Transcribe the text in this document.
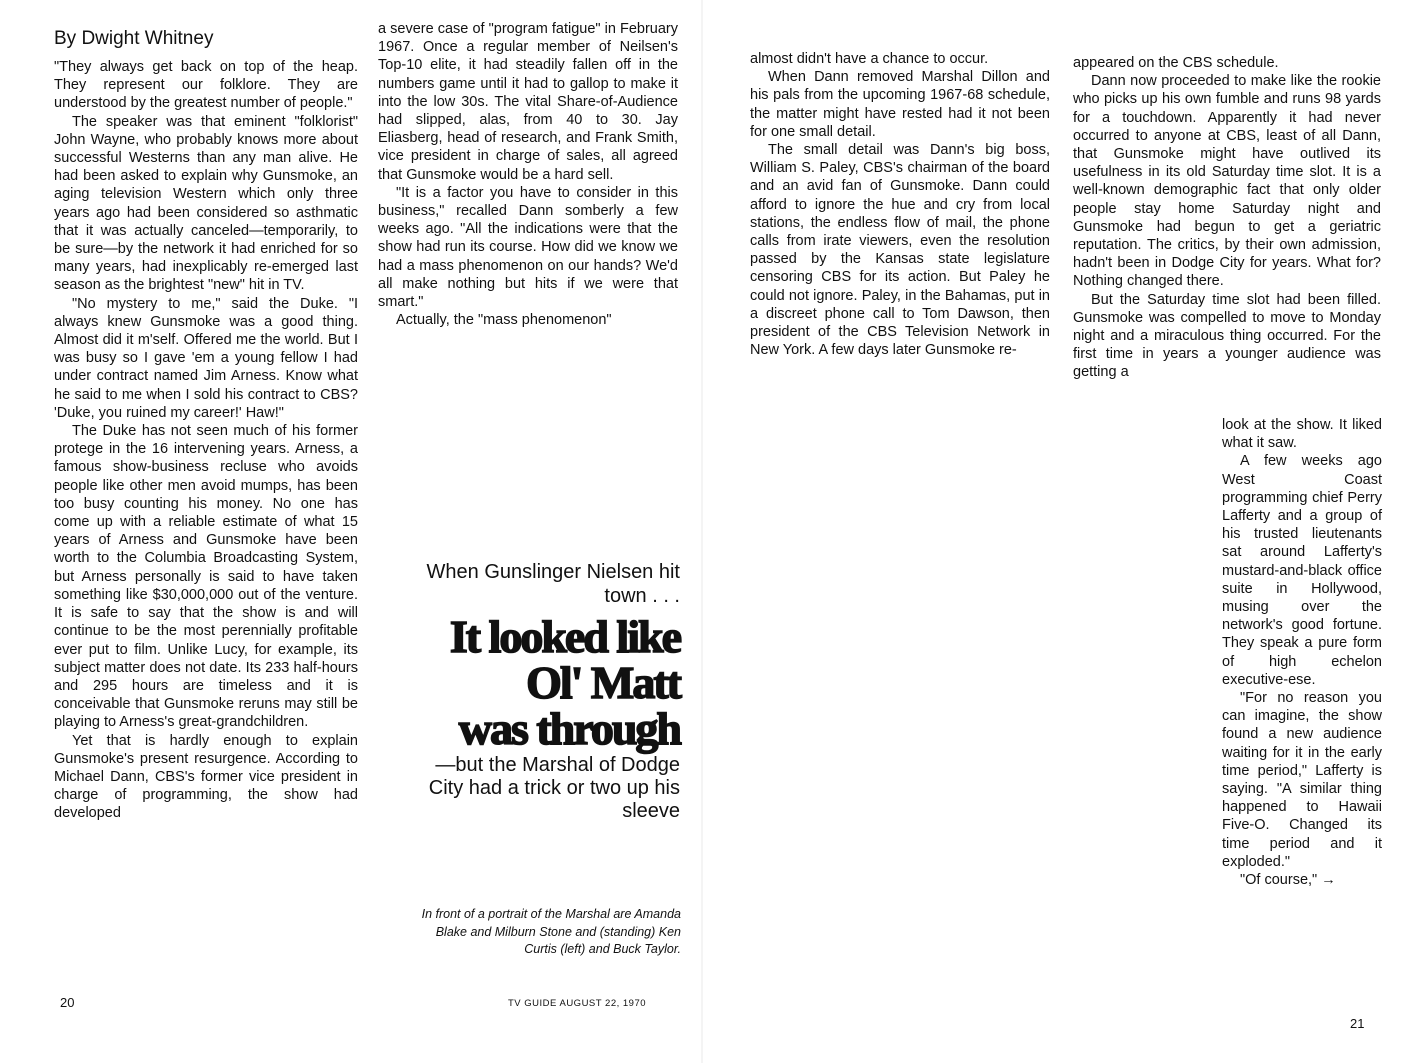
By Dwight Whitney

"They always get back on top of the heap. They represent our folklore. They are understood by the greatest number of people."

The speaker was that eminent "folklorist" John Wayne, who probably knows more about successful Westerns than any man alive. He had been asked to explain why Gunsmoke, an aging television Western which only three years ago had been considered so asthmatic that it was actually canceled—temporarily, to be sure—by the network it had enriched for so many years, had inexplicably re-emerged last season as the brightest "new" hit in TV.

"No mystery to me," said the Duke. "I always knew Gunsmoke was a good thing. Almost did it m'self. Offered me the world. But I was busy so I gave 'em a young fellow I had under contract named Jim Arness. Know what he said to me when I sold his contract to CBS? 'Duke, you ruined my career!' Haw!"

The Duke has not seen much of his former protege in the 16 intervening years. Arness, a famous show-business recluse who avoids people like other men avoid mumps, has been too busy counting his money. No one has come up with a reliable estimate of what 15 years of Arness and Gunsmoke have been worth to the Columbia Broadcasting System, but Arness personally is said to have taken something like $30,000,000 out of the venture. It is safe to say that the show is and will continue to be the most perennially profitable ever put to film. Unlike Lucy, for example, its subject matter does not date. Its 233 half-hours and 295 hours are timeless and it is conceivable that Gunsmoke reruns may still be playing to Arness's great-grandchildren.

Yet that is hardly enough to explain Gunsmoke's present resurgence. According to Michael Dann, CBS's former vice president in charge of programming, the show had developed

a severe case of "program fatigue" in February 1967. Once a regular member of Neilsen's Top-10 elite, it had steadily fallen off in the numbers game until it had to gallop to make it into the low 30s. The vital Share-of-Audience had slipped, alas, from 40 to 30. Jay Eliasberg, head of research, and Frank Smith, vice president in charge of sales, all agreed that Gunsmoke would be a hard sell.

"It is a factor you have to consider in this business," recalled Dann somberly a few weeks ago. "All the indications were that the show had run its course. How did we know we had a mass phenomenon on our hands? We'd all make nothing but hits if we were that smart."

Actually, the "mass phenomenon"

When Gunslinger Nielsen hit town . . .
It looked like
Ol' Matt
was through
—but the Marshal of Dodge City had a trick or two up his sleeve
In front of a portrait of the Marshal are Amanda Blake and Milburn Stone and (standing) Ken Curtis (left) and Buck Taylor.
20	TV GUIDE AUGUST 22, 1970

almost didn't have a chance to occur.

When Dann removed Marshal Dillon and his pals from the upcoming 1967-68 schedule, the matter might have rested had it not been for one small detail.

The small detail was Dann's big boss, William S. Paley, CBS's chairman of the board and an avid fan of Gunsmoke. Dann could afford to ignore the hue and cry from local stations, the endless flow of mail, the phone calls from irate viewers, even the resolution passed by the Kansas state legislature censoring CBS for its action. But Paley he could not ignore. Paley, in the Bahamas, put in a discreet phone call to Tom Dawson, then president of the CBS Television Network in New York. A few days later Gunsmoke re-

appeared on the CBS schedule.

Dann now proceeded to make like the rookie who picks up his own fumble and runs 98 yards for a touchdown. Apparently it had never occurred to anyone at CBS, least of all Dann, that Gunsmoke might have outlived its usefulness in its old Saturday time slot. It is a well-known demographic fact that only older people stay home Saturday night and Gunsmoke had begun to get a geriatric reputation. The critics, by their own admission, hadn't been in Dodge City for years. What for? Nothing changed there.

But the Saturday time slot had been filled. Gunsmoke was compelled to move to Monday night and a miraculous thing occurred. For the first time in years a younger audience was getting a

look at the show. It liked what it saw.

A few weeks ago West Coast programming chief Perry Lafferty and a group of his trusted lieutenants sat around Lafferty's mustard-and-black office suite in Hollywood, musing over the network's good fortune. They speak a pure form of high echelon executive-ese.

"For no reason you can imagine, the show found a new audience waiting for it in the early time period," Lafferty is saying. "A similar thing happened to Hawaii Five-O. Changed its time period and it exploded."

"Of course," →

21
